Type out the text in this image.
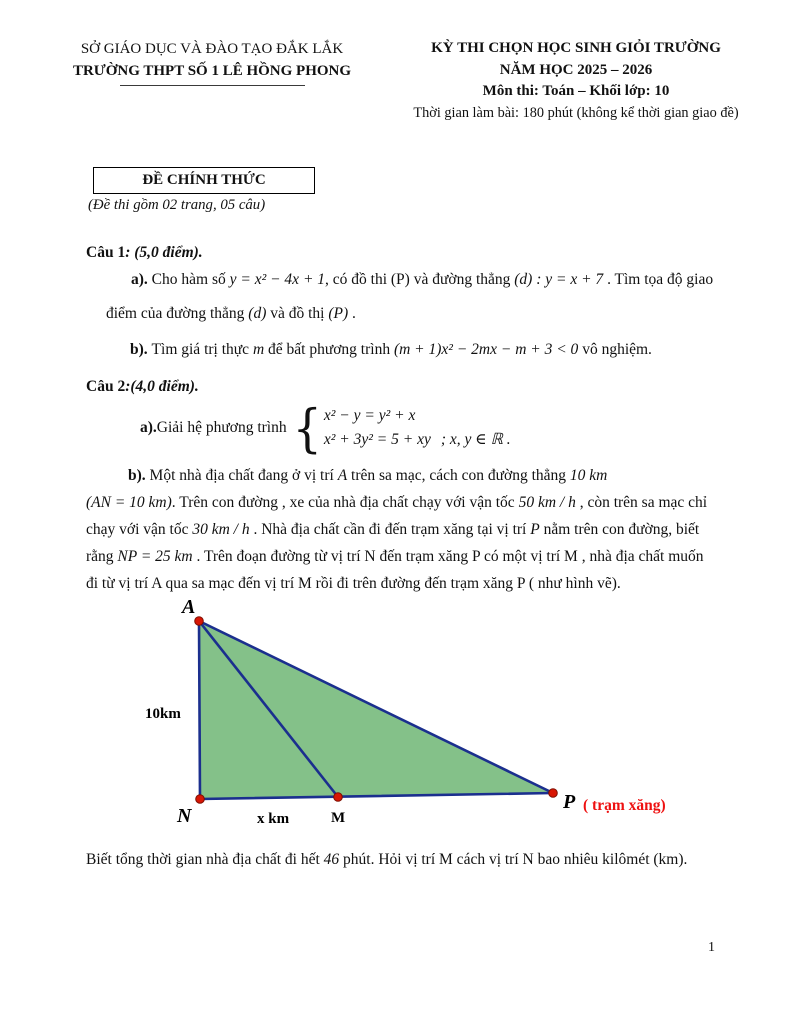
SỞ GIÁO DỤC VÀ ĐÀO TẠO ĐẮK LẮK
TRƯỜNG THPT SỐ 1 LÊ HỒNG PHONG
KỲ THI CHỌN HỌC SINH GIỎI TRƯỜNG
NĂM HỌC 2025 – 2026
Môn thi: Toán – Khối lớp: 10
Thời gian làm bài: 180 phút (không kể thời gian giao đề)
ĐỀ CHÍNH THỨC
(Đề thi gồm 02 trang, 05 câu)
Câu 1: (5,0 điểm).
a). Cho hàm số y = x² − 4x + 1, có đồ thi (P) và đường thẳng (d) : y = x + 7 . Tìm tọa độ giao
điểm của đường thẳng (d) và đồ thị (P) .
b). Tìm giá trị thực m để bất phương trình (m + 1)x² − 2mx − m + 3 < 0 vô nghiệm.
Câu 2:(4,0 điểm).
a). Giải hệ phương trình { x² − y = y² + x
x² + 3y² = 5 + xy ; x, y ∈ ℝ .
b). Một nhà địa chất đang ở vị trí A trên sa mạc, cách con đường thẳng 10 km
(AN = 10 km). Trên con đường , xe của nhà địa chất chạy với vận tốc 50 km / h , còn trên sa mạc chỉ
chạy với vận tốc 30 km / h . Nhà địa chất cần đi đến trạm xăng tại vị trí P nằm trên con đường, biết
rằng NP = 25 km . Trên đoạn đường từ vị trí N đến trạm xăng P có một vị trí M , nhà địa chất muốn
đi từ vị trí A qua sa mạc đến vị trí M rồi đi trên đường đến trạm xăng P ( như hình vẽ).
A
N	M
P
10km
x km
( trạm xăng)
Biết tổng thời gian nhà địa chất đi hết 46 phút. Hỏi vị trí M cách vị trí N bao nhiêu kilômét (km).
1
